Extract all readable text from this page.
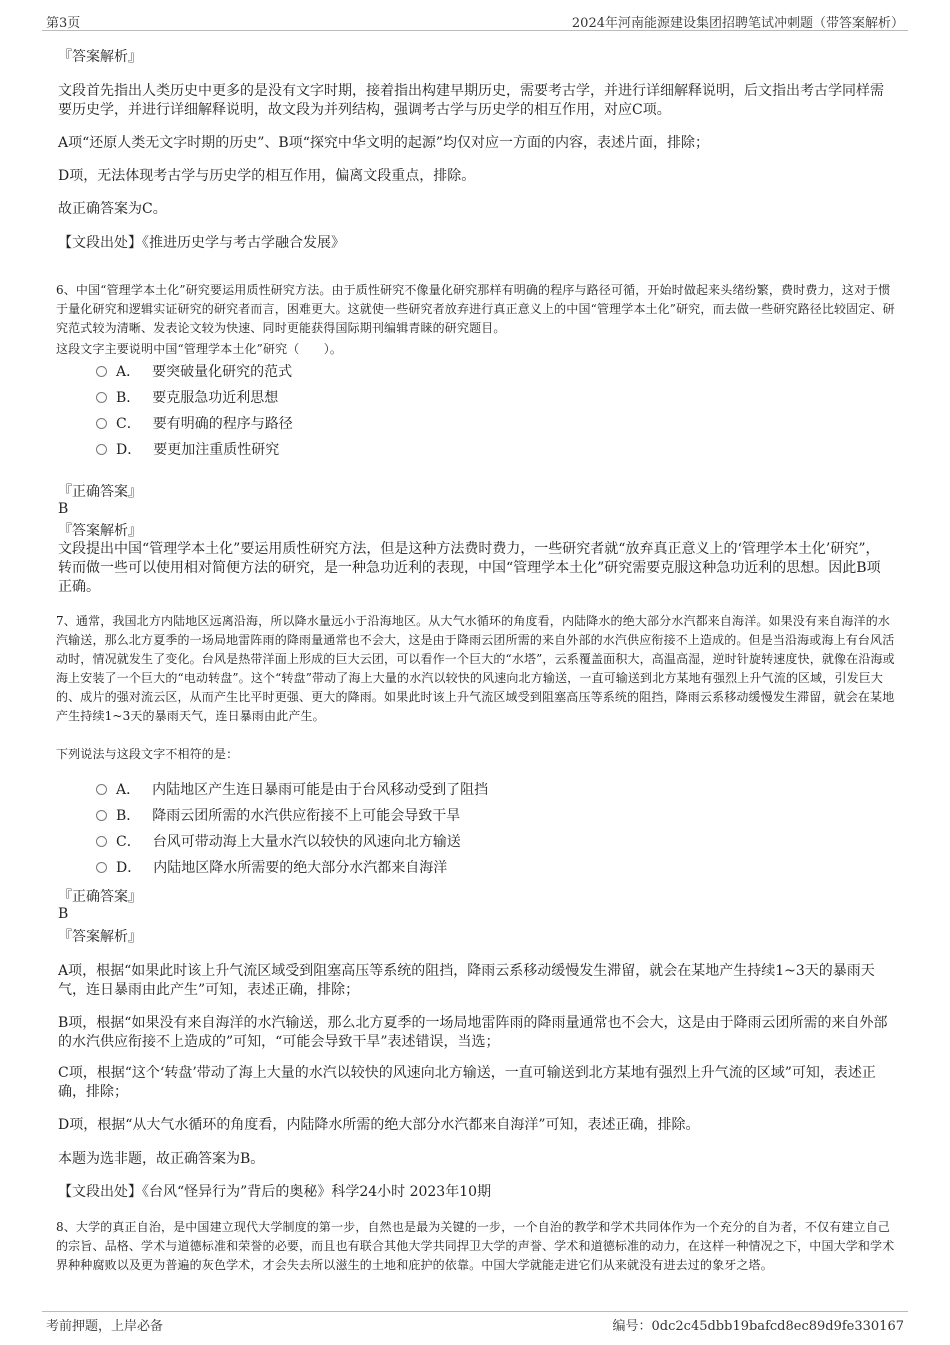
第3页	2024年河南能源建设集团招聘笔试冲刺题（带答案解析）
『答案解析』
文段首先指出人类历史中更多的是没有文字时期，接着指出构建早期历史，需要考古学，并进行详细解释说明，后文指出考古学同样需要历史学，并进行详细解释说明，故文段为并列结构，强调考古学与历史学的相互作用，对应C项。
A项“还原人类无文字时期的历史”、B项“探究中华文明的起源”均仅对应一方面的内容，表述片面，排除；
D项，无法体现考古学与历史学的相互作用，偏离文段重点，排除。
故正确答案为C。
【文段出处】《推进历史学与考古学融合发展》
6、中国“管理学本土化”研究要运用质性研究方法。由于质性研究不像量化研究那样有明确的程序与路径可循，开始时做起来头绪纷繁，费时费力，这对于惯于量化研究和逻辑实证研究的研究者而言，困难更大。这就使一些研究者放弃进行真正意义上的中国“管理学本土化”研究，而去做一些研究路径比较固定、研究范式较为清晰、发表论文较为快速、同时更能获得国际期刊编辑青睐的研究题目。
这段文字主要说明中国“管理学本土化”研究（　　）。
A． 要突破量化研究的范式
B． 要克服急功近利思想
C． 要有明确的程序与路径
D． 要更加注重质性研究
『正确答案』
B
『答案解析』
文段提出中国“管理学本土化”要运用质性研究方法，但是这种方法费时费力，一些研究者就“放弃真正意义上的‘管理学本土化’研究”，转而做一些可以使用相对简便方法的研究，是一种急功近利的表现，中国“管理学本土化”研究需要克服这种急功近利的思想。因此B项正确。
7、通常，我国北方内陆地区远离沿海，所以降水量远小于沿海地区。从大气水循环的角度看，内陆降水的绝大部分水汽都来自海洋。如果没有来自海洋的水汽输送，那么北方夏季的一场局地雷阵雨的降雨量通常也不会大，这是由于降雨云团所需的来自外部的水汽供应衔接不上造成的。但是当沿海或海上有台风活动时，情况就发生了变化。台风是热带洋面上形成的巨大云团，可以看作一个巨大的“水塔”，云系覆盖面积大，高温高湿，逆时针旋转速度快，就像在沿海或海上安装了一个巨大的“电动转盘”。这个“转盘”带动了海上大量的水汽以较快的风速向北方输送，一直可输送到北方某地有强烈上升气流的区域，引发巨大的、成片的强对流云区，从而产生比平时更强、更大的降雨。如果此时该上升气流区域受到阻塞高压等系统的阻挡，降雨云系移动缓慢发生滞留，就会在某地产生持续1~3天的暴雨天气，连日暴雨由此产生。
下列说法与这段文字不相符的是：
A． 内陆地区产生连日暴雨可能是由于台风移动受到了阻挡
B． 降雨云团所需的水汽供应衔接不上可能会导致干旱
C． 台风可带动海上大量水汽以较快的风速向北方输送
D． 内陆地区降水所需要的绝大部分水汽都来自海洋
『正确答案』
B
『答案解析』
A项，根据“如果此时该上升气流区域受到阻塞高压等系统的阻挡，降雨云系移动缓慢发生滞留，就会在某地产生持续1~3天的暴雨天气，连日暴雨由此产生”可知，表述正确，排除；
B项，根据“如果没有来自海洋的水汽输送，那么北方夏季的一场局地雷阵雨的降雨量通常也不会大，这是由于降雨云团所需的来自外部的水汽供应衔接不上造成的”可知，“可能会导致干旱”表述错误，当选；
C项，根据“这个‘转盘’带动了海上大量的水汽以较快的风速向北方输送，一直可输送到北方某地有强烈上升气流的区域”可知，表述正确，排除；
D项，根据“从大气水循环的角度看，内陆降水所需的绝大部分水汽都来自海洋”可知，表述正确，排除。
本题为选非题，故正确答案为B。
【文段出处】《台风“怪异行为”背后的奥秘》科学24小时 2023年10期
8、大学的真正自治，是中国建立现代大学制度的第一步，自然也是最为关键的一步，一个自治的教学和学术共同体作为一个充分的自为者，不仅有建立自己的宗旨、品格、学术与道德标准和荣誉的必要，而且也有联合其他大学共同捍卫大学的声誉、学术和道德标准的动力，在这样一种情况之下，中国大学和学术界种种腐败以及更为普遍的灰色学术，才会失去所以滋生的土地和庇护的依靠。中国大学就能走进它们从来就没有进去过的象牙之塔。
考前押题，上岸必备	编号：0dc2c45dbb19bafcd8ec89d9fe330167
